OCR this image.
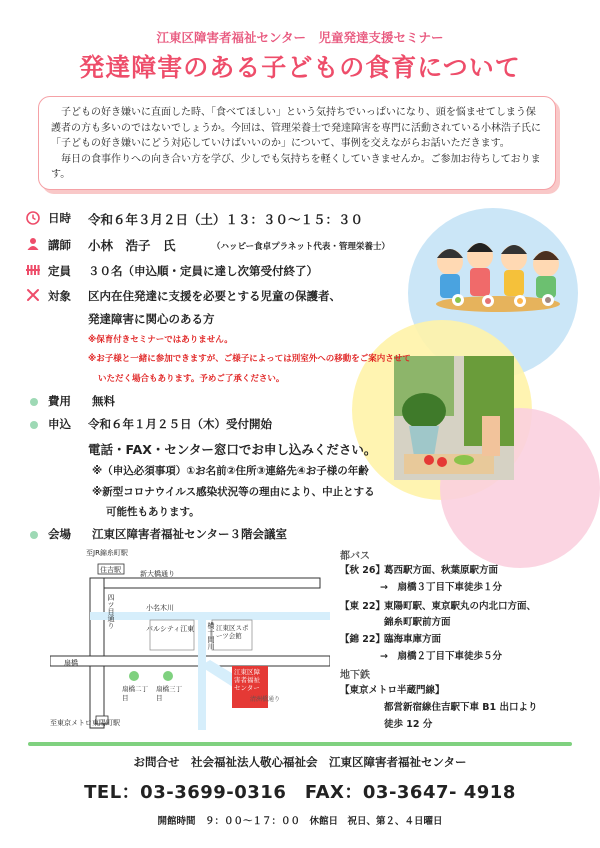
江東区障害者福祉センター　児童発達支援セミナー
発達障害のある子どもの食育について

子どもの好き嫌いに直面した時、「食べてほしい」という気持ちでいっぱいになり、頭を悩ませてしまう保護者の方も多いのではないでしょうか。今回は、管理栄養士で発達障害を専門に活動されている小林浩子氏に「子どもの好き嫌いにどう対応していけばいいのか」について、事例を交えながらお話いただきます。

毎日の食事作りへの向き合い方を学び、少しでも気持ちを軽くしていきませんか。ご参加お待ちしております。

日時 令和６年３月２日（土）１３：３０～１５：３０
講師 小林　浩子　氏	（ハッピー食卓プラネット代表・管理栄養士）
定員 ３０名（申込順・定員に達し次第受付終了）
対象 区内在住発達に支援を必要とする児童の保護者、
発達障害に関心のある方
※保育付きセミナーではありません。
※お子様と一緒に参加できますが、ご様子によっては別室外への移動をご案内させて
いただく場合もあります。予めご了承ください。
費用 無料
申込 令和６年１月２５日（木）受付開始
電話・FAX・センター窓口でお申し込みください。
※（申込必須事項）①お名前②住所③連絡先④お子様の年齢
※新型コロナウイルス感染状況等の理由により、中止とする
可能性もあります。
会場 江東区障害者福祉センター３階会議室
至JR錦糸町駅
住吉駅	新大橋通り
四ツ目通り	小名木川
パルシティ江東 横十間川 江東区スポーツ会館
江東区障害者福祉センター
扇橋
扇橋二丁目
扇橋三丁目
至東京メトロ東陽町駅
清洲橋通り
都バス
【秋 26】
葛西駅方面、秋葉原駅方面
→　扇橋３丁目下車徒歩１分
【東 22】
東陽町駅、東京駅丸の内北口方面、
錦糸町駅前方面
【錦 22】
臨海車庫方面
→　扇橋２丁目下車徒歩５分
地下鉄
【東京メトロ半蔵門線】
都営新宿線住吉駅下車 B1 出口より
徒歩 12 分
お問合せ　社会福祉法人敬心福祉会　江東区障害者福祉センター
TEL：03-3699-0316　FAX：03-3647- 4918
開館時間　９：００～１７：００　休館日　祝日、第２、４日曜日
